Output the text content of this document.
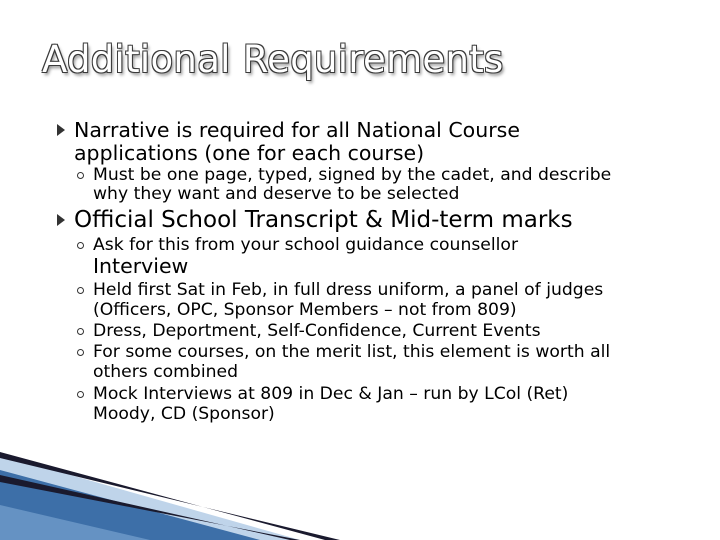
Additional Requirements
Narrative is required for all National Course
applications (one for each course)
Must be one page, typed, signed by the cadet, and describe
why they want and deserve to be selected
Official School Transcript & Mid-term marks
Ask for this from your school guidance counsellor
Interview
Held first Sat in Feb, in full dress uniform, a panel of judges
(Officers, OPC, Sponsor Members – not from 809)
Dress, Deportment, Self-Confidence, Current Events
For some courses, on the merit list, this element is worth all
others combined
Mock Interviews at 809 in Dec & Jan – run by LCol (Ret)
Moody, CD (Sponsor)
